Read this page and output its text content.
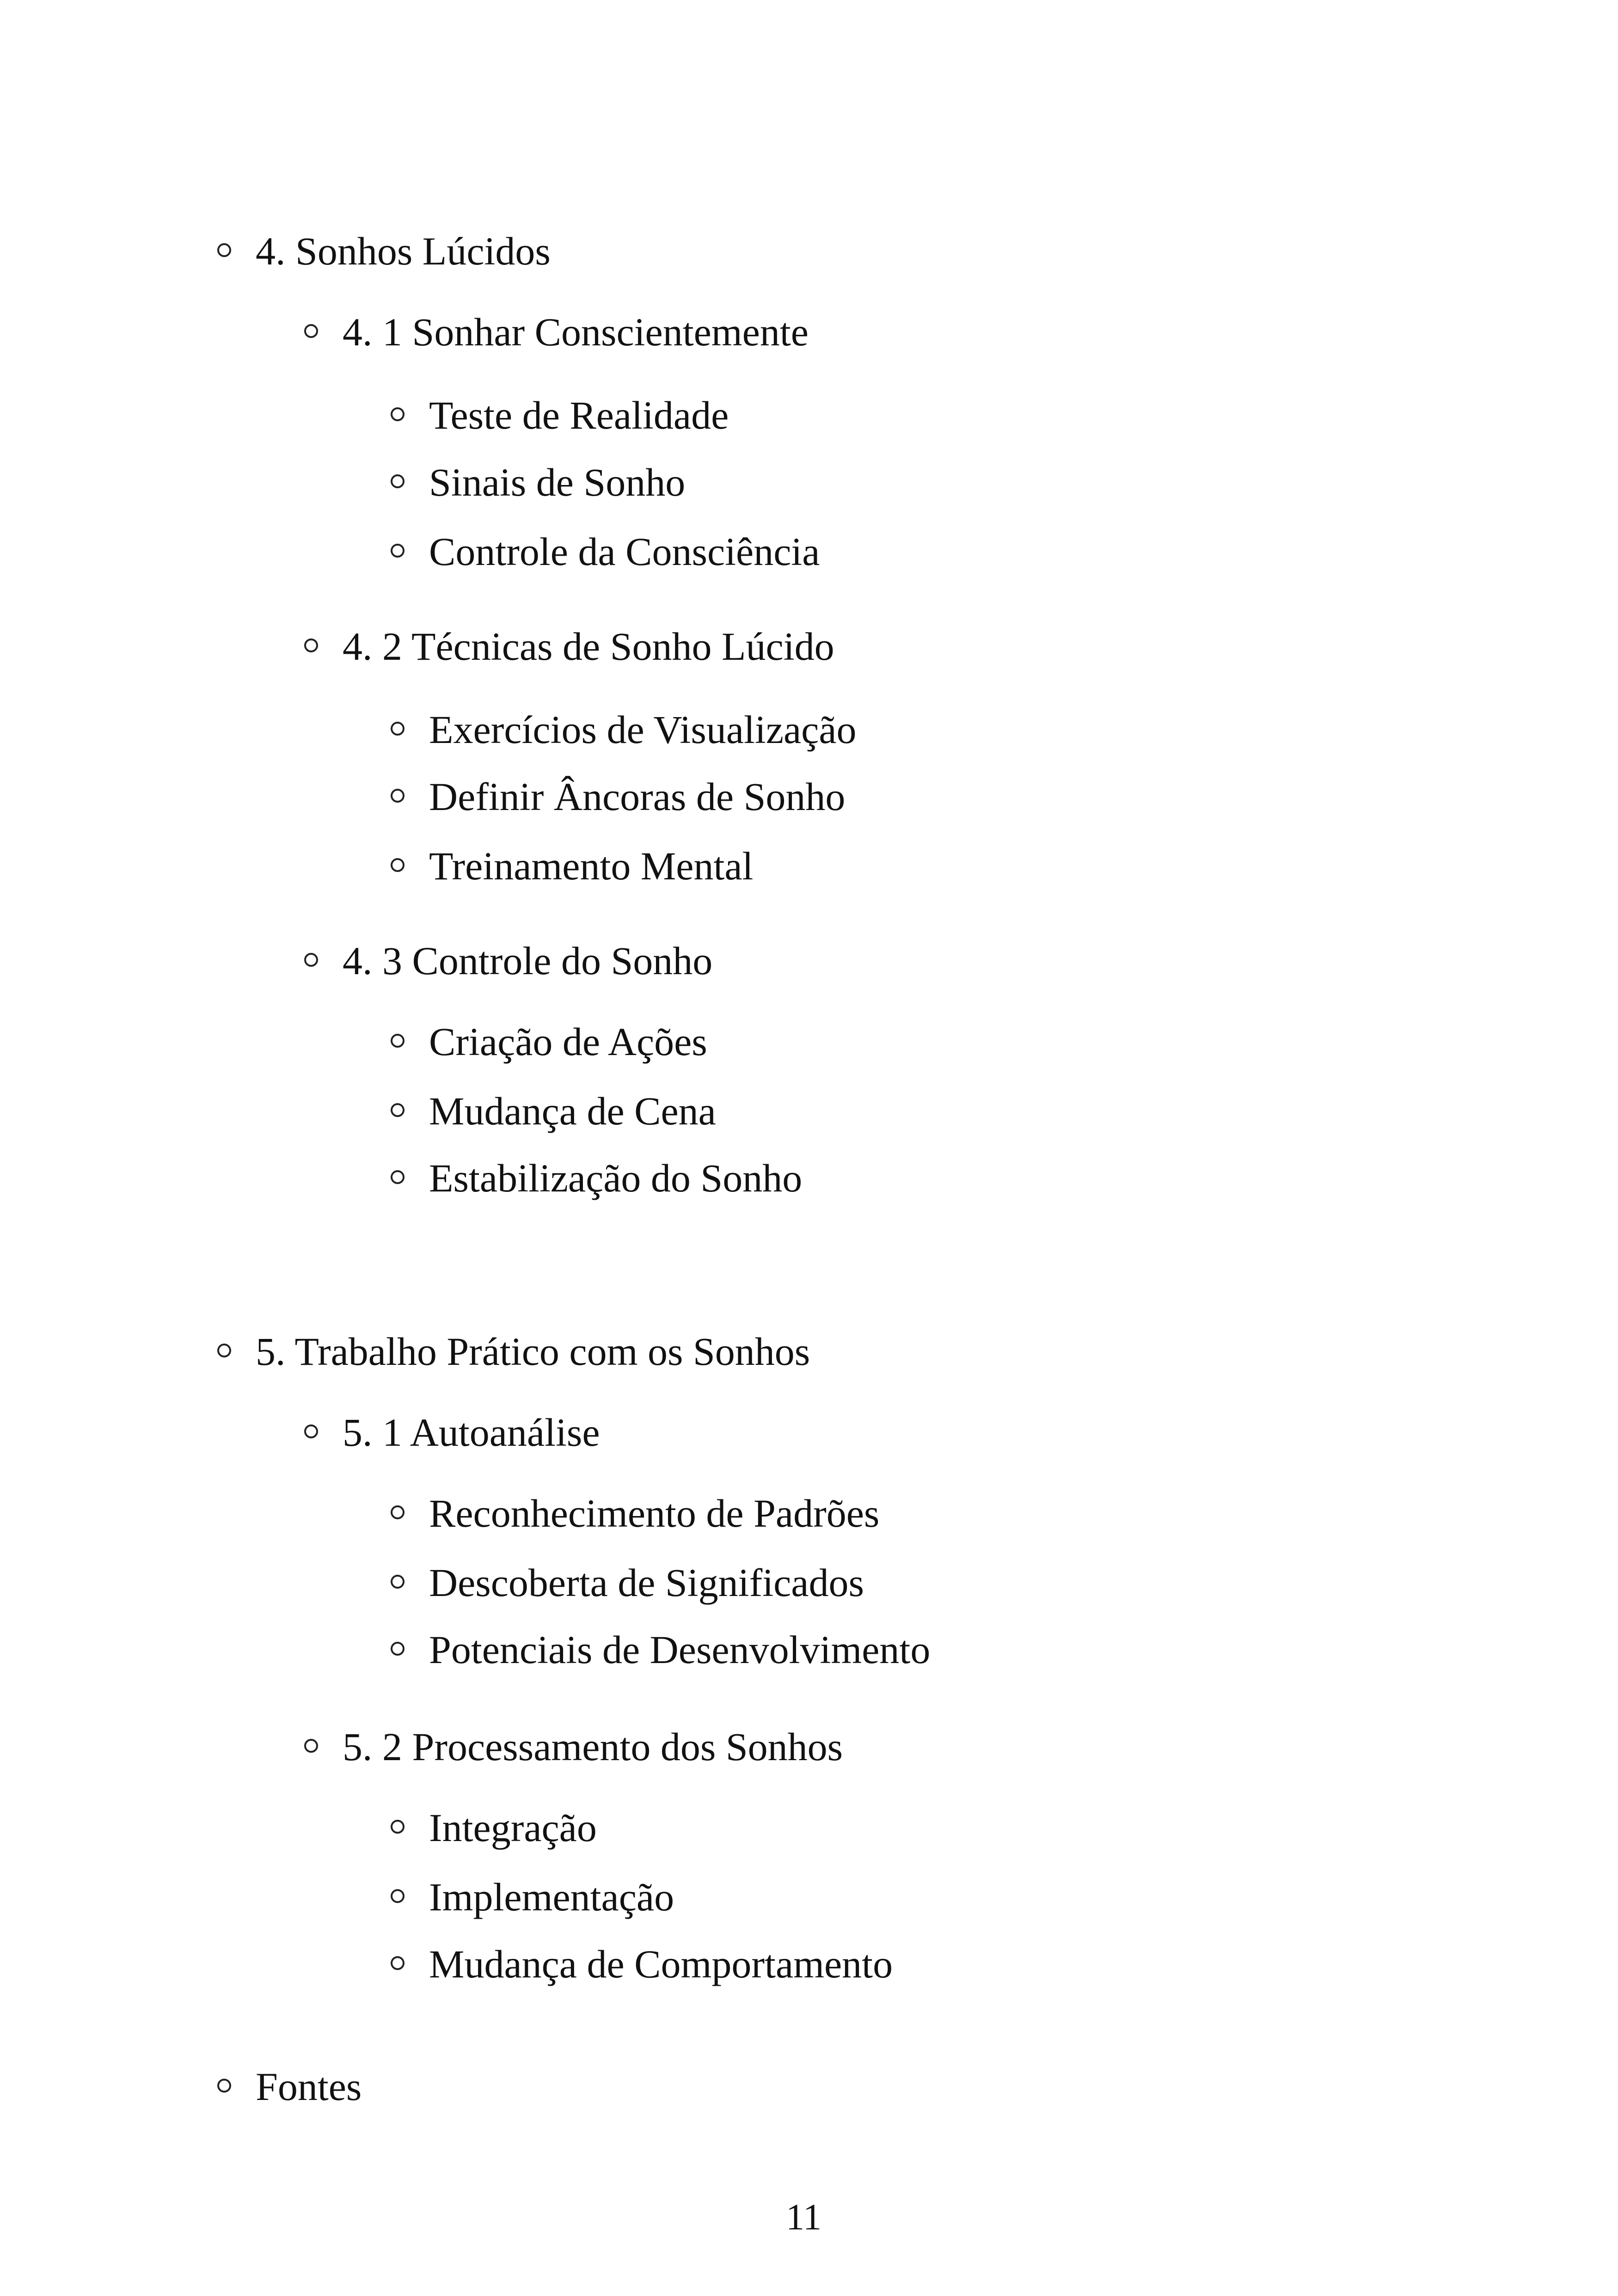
4. Sonhos Lúcidos
4. 1 Sonhar Conscientemente
Teste de Realidade
Sinais de Sonho
Controle da Consciência
4. 2 Técnicas de Sonho Lúcido
Exercícios de Visualização
Definir Âncoras de Sonho
Treinamento Mental
4. 3 Controle do Sonho
Criação de Ações
Mudança de Cena
Estabilização do Sonho
5. Trabalho Prático com os Sonhos
5. 1 Autoanálise
Reconhecimento de Padrões
Descoberta de Significados
Potenciais de Desenvolvimento
5. 2 Processamento dos Sonhos
Integração
Implementação
Mudança de Comportamento
Fontes
11
